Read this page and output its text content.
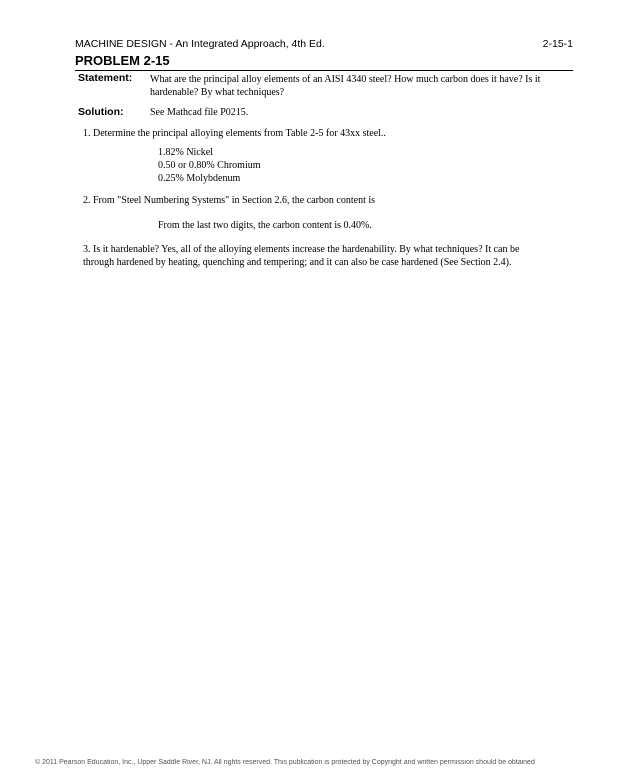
MACHINE DESIGN - An Integrated Approach, 4th Ed.	2-15-1
PROBLEM 2-15
Statement: What are the principal alloy elements of an AISI 4340 steel? How much carbon does it have? Is it
hardenable? By what techniques?
Solution:	See Mathcad file P0215.
1. Determine the principal alloying elements from Table 2-5 for 43xx steel..
1.82% Nickel
0.50 or 0.80% Chromium
0.25% Molybdenum
2. From "Steel Numbering Systems" in Section 2.6, the carbon content is
From the last two digits, the carbon content is 0.40%.
3. Is it hardenable? Yes, all of the alloying elements increase the hardenability. By what techniques? It can be
through hardened by heating, quenching and tempering; and it can also be case hardened (See Section 2.4).
© 2011 Pearson Education, Inc., Upper Saddle River, NJ. All rights reserved. This publication is protected by Copyright and written permission should be obtained
